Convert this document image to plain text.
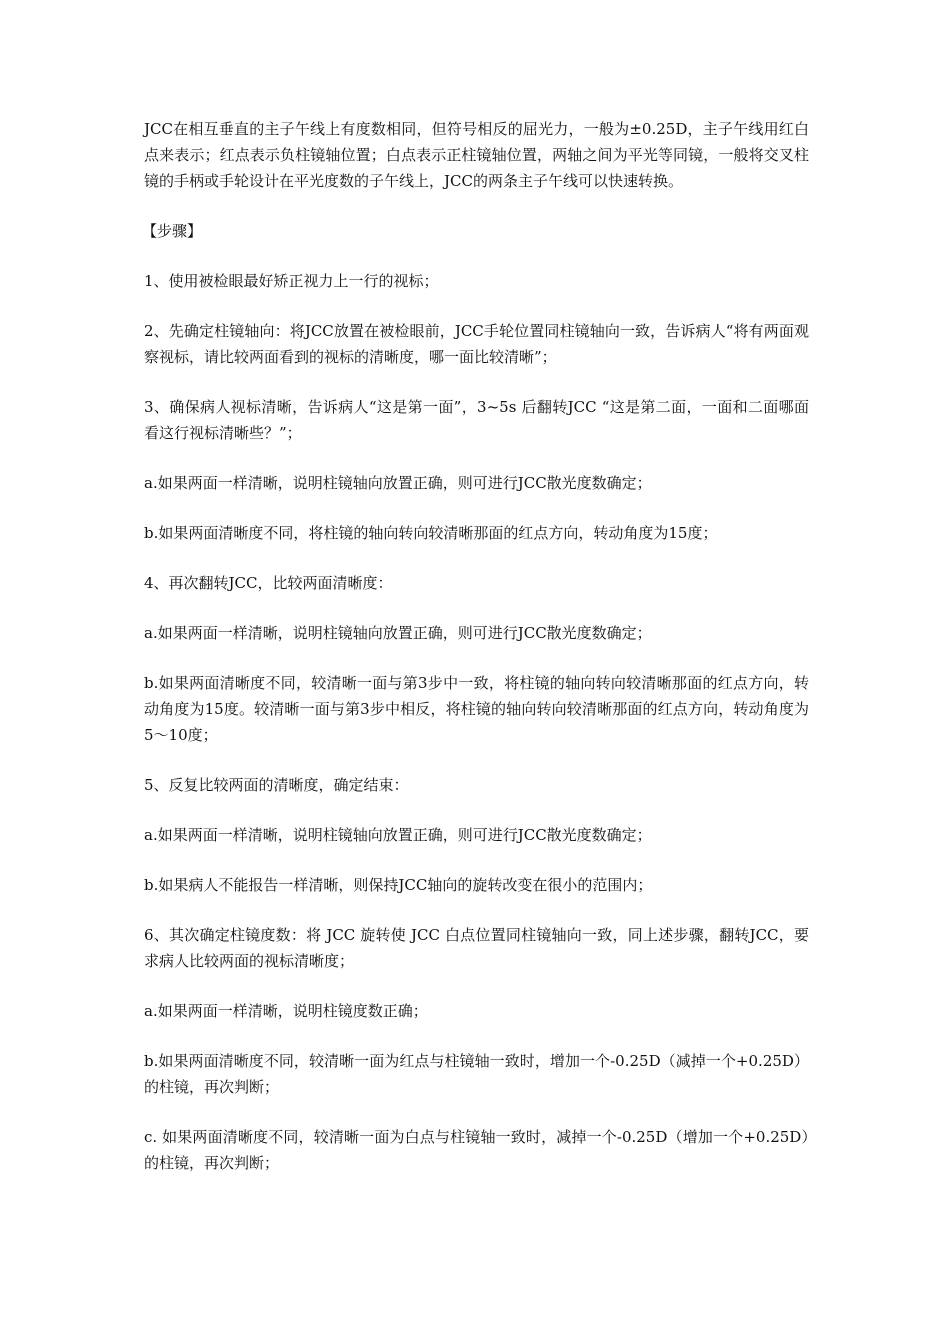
JCC在相互垂直的主子午线上有度数相同，但符号相反的屈光力，一般为±0.25D，主子午线用红白点来表示；红点表示负柱镜轴位置；白点表示正柱镜轴位置，两轴之间为平光等同镜，一般将交叉柱镜的手柄或手轮设计在平光度数的子午线上，JCC的两条主子午线可以快速转换。

【步骤】

1、使用被检眼最好矫正视力上一行的视标；

2、先确定柱镜轴向：将JCC放置在被检眼前，JCC手轮位置同柱镜轴向一致，告诉病人“将有两面观察视标，请比较两面看到的视标的清晰度，哪一面比较清晰”；

3、确保病人视标清晰，告诉病人“这是第一面”，3~5s 后翻转JCC “这是第二面，一面和二面哪面看这行视标清晰些？”；

a.如果两面一样清晰，说明柱镜轴向放置正确，则可进行JCC散光度数确定；

b.如果两面清晰度不同，将柱镜的轴向转向较清晰那面的红点方向，转动角度为15度；

4、再次翻转JCC，比较两面清晰度：

a.如果两面一样清晰，说明柱镜轴向放置正确，则可进行JCC散光度数确定；

b.如果两面清晰度不同，较清晰一面与第3步中一致，将柱镜的轴向转向较清晰那面的红点方向，转动角度为15度。较清晰一面与第3步中相反，将柱镜的轴向转向较清晰那面的红点方向，转动角度为5～10度；

5、反复比较两面的清晰度，确定结束：

a.如果两面一样清晰，说明柱镜轴向放置正确，则可进行JCC散光度数确定；

b.如果病人不能报告一样清晰，则保持JCC轴向的旋转改变在很小的范围内；

6、其次确定柱镜度数：将 JCC 旋转使 JCC 白点位置同柱镜轴向一致，同上述步骤，翻转JCC，要求病人比较两面的视标清晰度；

a.如果两面一样清晰，说明柱镜度数正确；

b.如果两面清晰度不同，较清晰一面为红点与柱镜轴一致时，增加一个-0.25D（减掉一个+0.25D）的柱镜，再次判断；

c. 如果两面清晰度不同，较清晰一面为白点与柱镜轴一致时，减掉一个-0.25D（增加一个+0.25D）的柱镜，再次判断；
